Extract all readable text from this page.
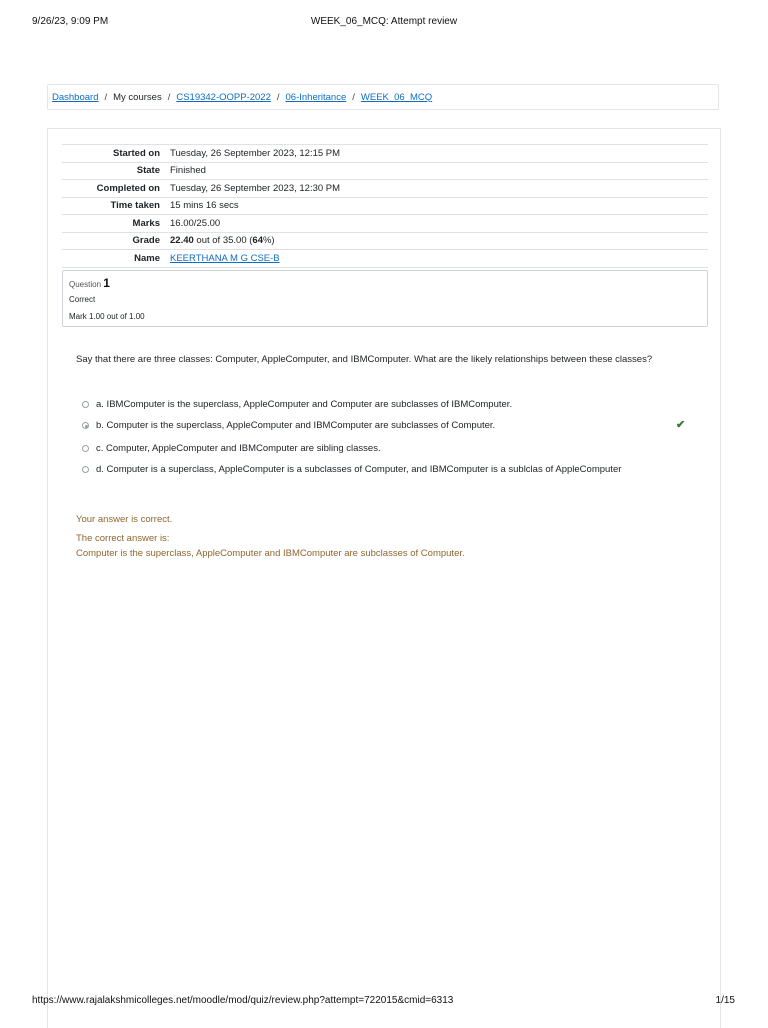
9/26/23, 9:09 PM	WEEK_06_MCQ: Attempt review
Dashboard / My courses / CS19342-OOPP-2022 / 06-Inheritance / WEEK_06_MCQ
Started on	Tuesday, 26 September 2023, 12:15 PM
State	Finished
Completed on	Tuesday, 26 September 2023, 12:30 PM
Time taken	15 mins 16 secs
Marks	16.00/25.00
Grade	22.40 out of 35.00 (64%)
Name	KEERTHANA M G CSE-B
Question 1
Correct
Mark 1.00 out of 1.00
Say that there are three classes: Computer, AppleComputer, and IBMComputer. What are the likely relationships between these classes?
a. IBMComputer is the superclass, AppleComputer and Computer are subclasses of IBMComputer.
b. Computer is the superclass, AppleComputer and IBMComputer are subclasses of Computer.
c. Computer, AppleComputer and IBMComputer are sibling classes.
d. Computer is a superclass, AppleComputer is a subclasses of Computer, and IBMComputer is a sublclas of AppleComputer
✔
Your answer is correct.
The correct answer is:
Computer is the superclass, AppleComputer and IBMComputer are subclasses of Computer.
https://www.rajalakshmicolleges.net/moodle/mod/quiz/review.php?attempt=722015&cmid=6313	1/15
